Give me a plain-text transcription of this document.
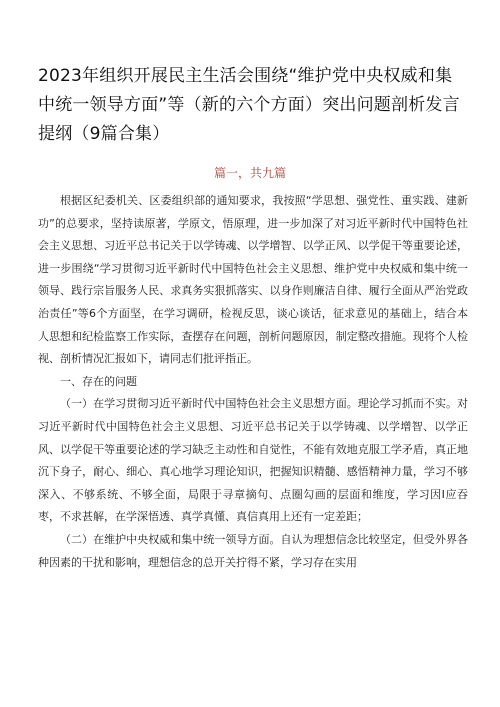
2023年组织开展民主生活会围绕“维护党中央权威和集中统一领导方面”等（新的六个方面）突出问题剖析发言提纲（9篇合集）
篇一，共九篇

根据区纪委机关、区委组织部的通知要求，我按照“学思想、强党性、重实践、建新功”的总要求，坚持读原著，学原文，悟原理，进一步加深了对习近平新时代中国特色社会主义思想、习近平总书记关于以学铸魂、以学增智、以学正风、以学促干等重要论述，进一步围绕“学习贯彻习近平新时代中国特色社会主义思想、维护党中央权威和集中统一领导、践行宗旨服务人民、求真务实狠抓落实、以身作则廉洁自律、履行全面从严治党政治责任”等6个方面坚，在学习调研，检视反思，谈心谈话，征求意见的基础上，结合本人思想和纪检监察工作实际，查摆存在问题，剖析问题原因，制定整改措施。现将个人检视、剖析情况汇报如下，请同志们批评指正。

一、存在的问题

（一）在学习贯彻习近平新时代中国特色社会主义思想方面。理论学习抓而不实。对习近平新时代中国特色社会主义思想、习近平总书记关于以学铸魂、以学增智、以学正风、以学促干等重要论述的学习缺乏主动性和自觉性，不能有效地克服工学矛盾，真正地沉下身子，耐心、细心、真心地学习理论知识，把握知识精髓、感悟精神力量，学习不够深入、不够系统、不够全面，局限于寻章摘句、点圈勾画的层面和维度，学习因I应吞枣，不求甚解，在学深悟透、真学真懂、真信真用上还有一定差距；

（二）在维护中央权威和集中统一领导方面。自认为理想信念比较坚定，但受外界各种因素的干扰和影响，理想信念的总开关拧得不紧，学习存在实用
